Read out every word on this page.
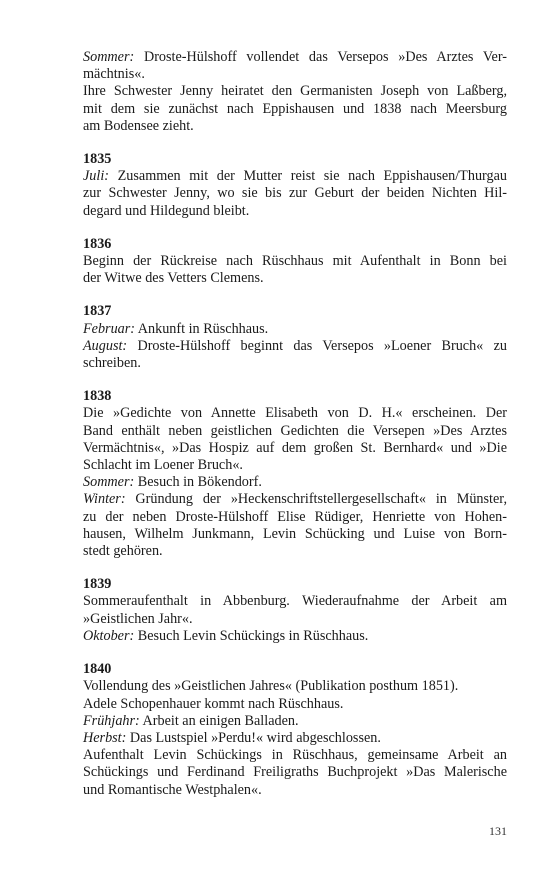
Sommer: Droste-Hülshoff vollendet das Versepos »Des Arztes Ver-
mächtnis«.
Ihre Schwester Jenny heiratet den Germanisten Joseph von Laßberg,
mit dem sie zunächst nach Eppishausen und 1838 nach Meersburg
am Bodensee zieht.
1835
Juli: Zusammen mit der Mutter reist sie nach Eppishausen/Thurgau
zur Schwester Jenny, wo sie bis zur Geburt der beiden Nichten Hil-
degard und Hildegund bleibt.
1836
Beginn der Rückreise nach Rüschhaus mit Aufenthalt in Bonn bei
der Witwe des Vetters Clemens.
1837
Februar: Ankunft in Rüschhaus.
August: Droste-Hülshoff beginnt das Versepos »Loener Bruch« zu
schreiben.
1838
Die »Gedichte von Annette Elisabeth von D. H.« erscheinen. Der
Band enthält neben geistlichen Gedichten die Versepen »Des Arztes
Vermächtnis«, »Das Hospiz auf dem großen St. Bernhard« und »Die
Schlacht im Loener Bruch«.
Sommer: Besuch in Bökendorf.
Winter: Gründung der »Heckenschriftstellergesellschaft« in Münster,
zu der neben Droste-Hülshoff Elise Rüdiger, Henriette von Hohen-
hausen, Wilhelm Junkmann, Levin Schücking und Luise von Born-
stedt gehören.
1839
Sommeraufenthalt in Abbenburg. Wiederaufnahme der Arbeit am
»Geistlichen Jahr«.
Oktober: Besuch Levin Schückings in Rüschhaus.
1840
Vollendung des »Geistlichen Jahres« (Publikation posthum 1851).
Adele Schopenhauer kommt nach Rüschhaus.
Frühjahr: Arbeit an einigen Balladen.
Herbst: Das Lustspiel »Perdu!« wird abgeschlossen.
Aufenthalt Levin Schückings in Rüschhaus, gemeinsame Arbeit an
Schückings und Ferdinand Freiligraths Buchprojekt »Das Malerische
und Romantische Westphalen«.
131
